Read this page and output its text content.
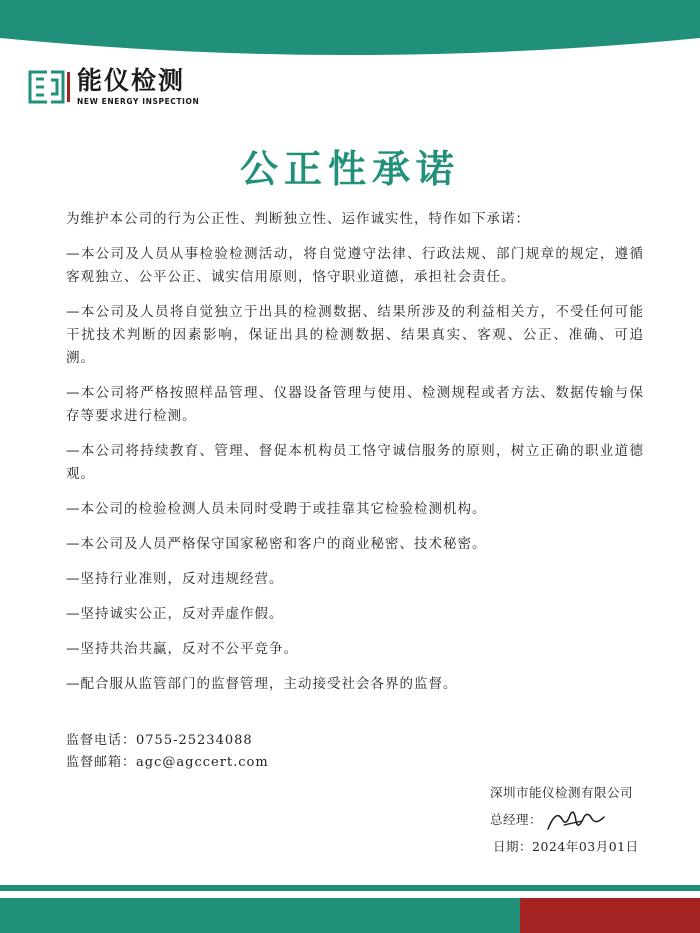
能仪检测
NEW ENERGY INSPECTION
公正性承诺

为维护本公司的行为公正性、判断独立性、运作诚实性，特作如下承诺：

—本公司及人员从事检验检测活动，将自觉遵守法律、行政法规、部门规章的规定，遵循客观独立、公平公正、诚实信用原则，恪守职业道德，承担社会责任。

—本公司及人员将自觉独立于出具的检测数据、结果所涉及的利益相关方，不受任何可能干扰技术判断的因素影响，保证出具的检测数据、结果真实、客观、公正、准确、可追溯。

—本公司将严格按照样品管理、仪器设备管理与使用、检测规程或者方法、数据传输与保存等要求进行检测。

—本公司将持续教育、管理、督促本机构员工恪守诚信服务的原则，树立正确的职业道德观。

—本公司的检验检测人员未同时受聘于或挂靠其它检验检测机构。

—本公司及人员严格保守国家秘密和客户的商业秘密、技术秘密。

—坚持行业准则，反对违规经营。

—坚持诚实公正，反对弄虚作假。

—坚持共治共赢，反对不公平竞争。

—配合服从监管部门的监督管理，主动接受社会各界的监督。

监督电话：0755-25234088
监督邮箱：agc@agccert.com
深圳市能仪检测有限公司
总经理：
日期：2024年03月01日
